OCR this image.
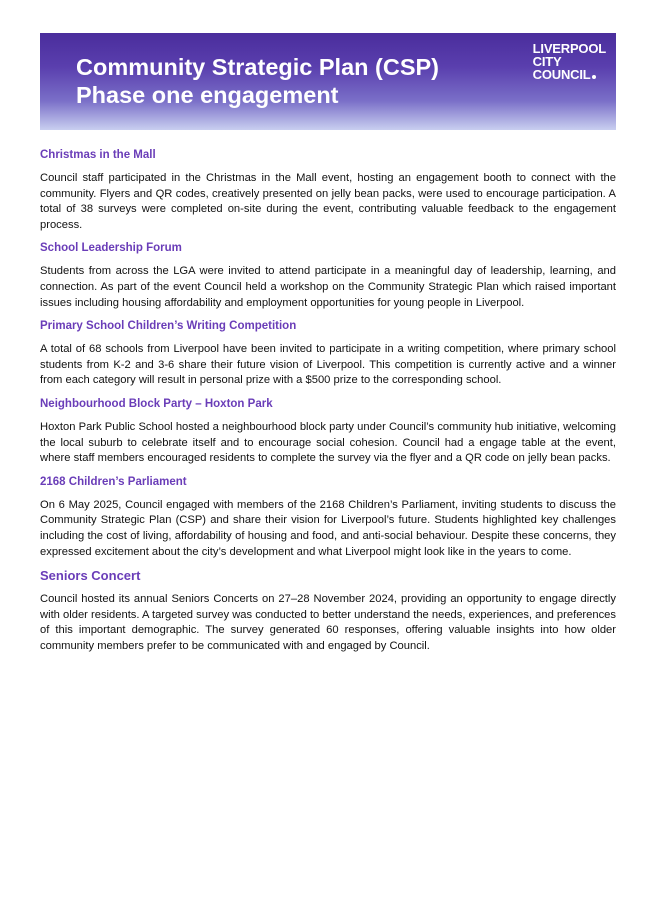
Community Strategic Plan (CSP)
Phase one engagement
LIVERPOOL
CITY
COUNCIL
Christmas in the Mall

Council staff participated in the Christmas in the Mall event, hosting an engagement booth to connect with the community. Flyers and QR codes, creatively presented on jelly bean packs, were used to encourage participation. A total of 38 surveys were completed on-site during the event, contributing valuable feedback to the engagement process.

School Leadership Forum

Students from across the LGA were invited to attend participate in a meaningful day of leadership, learning, and connection. As part of the event Council held a workshop on the Community Strategic Plan which raised important issues including housing affordability and employment opportunities for young people in Liverpool.

Primary School Children’s Writing Competition

A total of 68 schools from Liverpool have been invited to participate in a writing competition, where primary school students from K-2 and 3-6 share their future vision of Liverpool. This competition is currently active and a winner from each category will result in personal prize with a $500 prize to the corresponding school.

Neighbourhood Block Party – Hoxton Park

Hoxton Park Public School hosted a neighbourhood block party under Council’s community hub initiative, welcoming the local suburb to celebrate itself and to encourage social cohesion. Council had a engage table at the event, where staff members encouraged residents to complete the survey via the flyer and a QR code on jelly bean packs.

2168 Children’s Parliament

On 6 May 2025, Council engaged with members of the 2168 Children’s Parliament, inviting students to discuss the Community Strategic Plan (CSP) and share their vision for Liverpool’s future. Students highlighted key challenges including the cost of living, affordability of housing and food, and anti-social behaviour. Despite these concerns, they expressed excitement about the city’s development and what Liverpool might look like in the years to come.

Seniors Concert

Council hosted its annual Seniors Concerts on 27–28 November 2024, providing an opportunity to engage directly with older residents. A targeted survey was conducted to better understand the needs, experiences, and preferences of this important demographic. The survey generated 60 responses, offering valuable insights into how older community members prefer to be communicated with and engaged by Council.
